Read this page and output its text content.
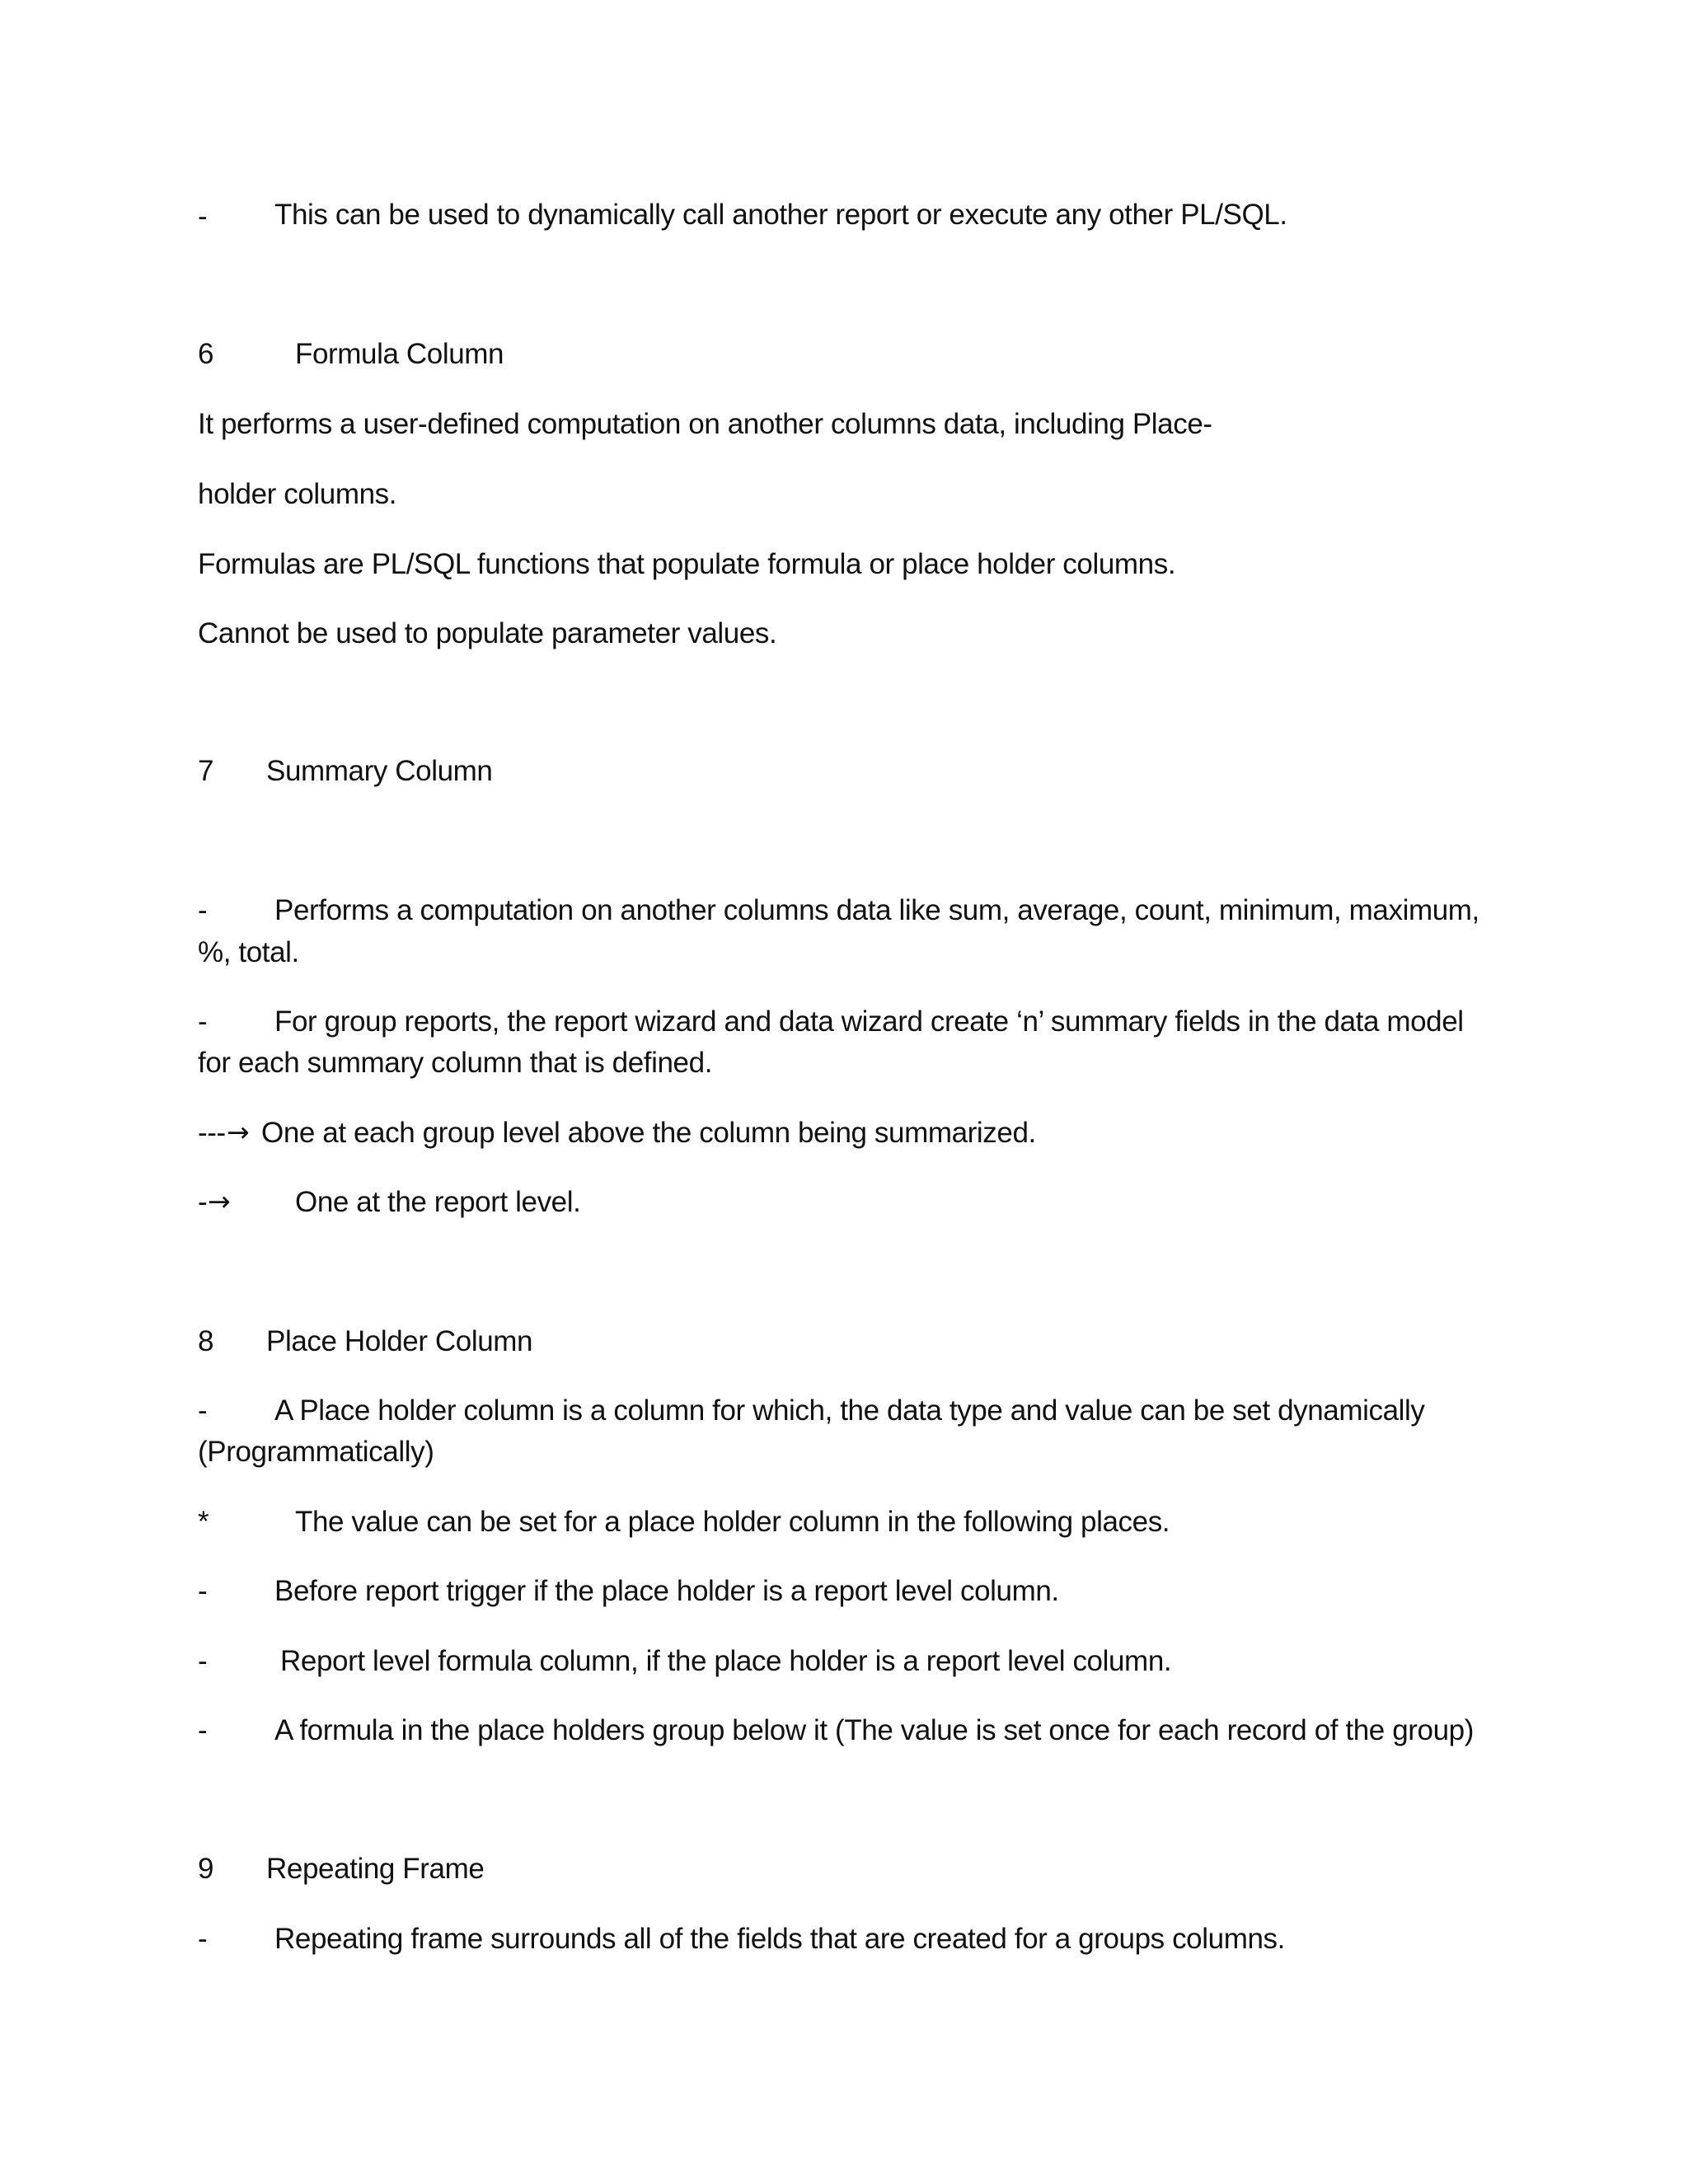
- This can be used to dynamically call another report or execute any other PL/SQL.
6	Formula Column
It performs a user-defined computation on another columns data, including Place-
holder columns.
Formulas are PL/SQL functions that populate formula or place holder columns.
Cannot be used to populate parameter values.
7 Summary Column
- Performs a computation on another columns data like sum, average, count, minimum, maximum,
%, total.
- For group reports, the report wizard and data wizard create ‘n’ summary fields in the data model
for each summary column that is defined.
--- → One at each group level above the column being summarized.
- → One at the report level.
8 Place Holder Column
- A Place holder column is a column for which, the data type and value can be set dynamically
(Programmatically)
*	The value can be set for a place holder column in the following places.
- Before report trigger if the place holder is a report level column.
-	Report level formula column, if the place holder is a report level column.
- A formula in the place holders group below it (The value is set once for each record of the group)
9 Repeating Frame
- Repeating frame surrounds all of the fields that are created for a groups columns.
